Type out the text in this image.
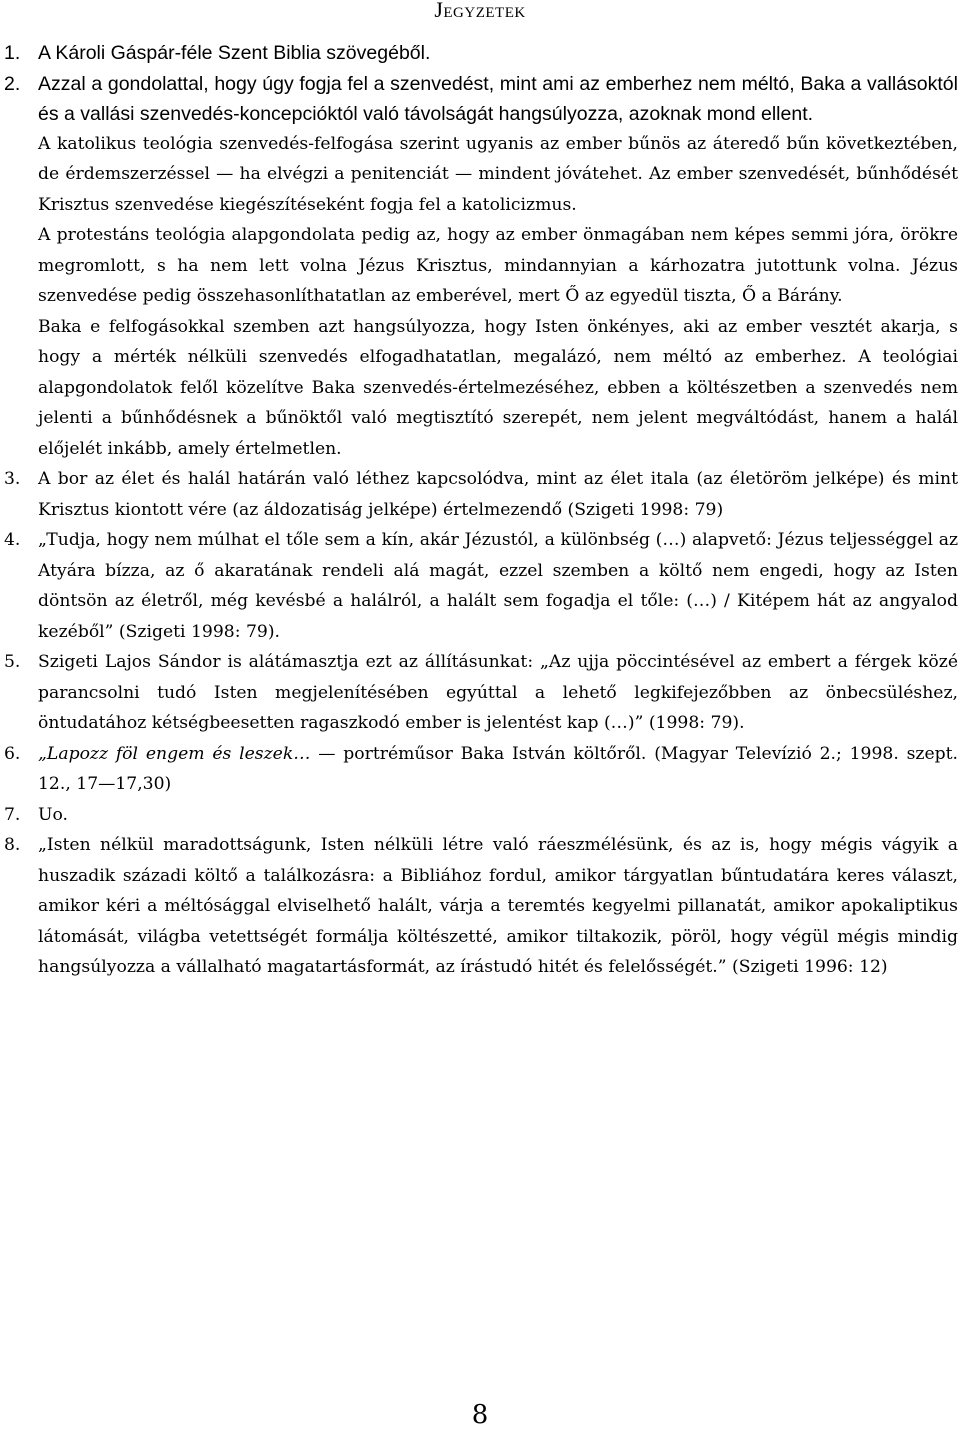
Jegyzetek
1. A Károli Gáspár-féle Szent Biblia szövegéből.

2. Azzal a gondolattal, hogy úgy fogja fel a szenvedést, mint ami az emberhez nem méltó, Baka a vallásoktól és a vallási szenvedés-koncepcióktól való távolságát hangsúlyozza, azoknak mond ellent.

A katolikus teológia szenvedés-felfogása szerint ugyanis az ember bűnös az áteredő bűn következtében, de érdemszerzéssel — ha elvégzi a penitenciát — mindent jóvátehet. Az ember szenvedését, bűnhődését Krisztus szenvedése kiegészítéseként fogja fel a katolicizmus.

A protestáns teológia alapgondolata pedig az, hogy az ember önmagában nem képes semmi jóra, örökre megromlott, s ha nem lett volna Jézus Krisztus, mindannyian a kárhozatra jutottunk volna. Jézus szenvedése pedig összehasonlíthatatlan az emberével, mert Ő az egyedül tiszta, Ő a Bárány.

Baka e felfogásokkal szemben azt hangsúlyozza, hogy Isten önkényes, aki az ember vesztét akarja, s hogy a mérték nélküli szenvedés elfogadhatatlan, megalázó, nem méltó az emberhez. A teológiai alapgondolatok felől közelítve Baka szenvedés-értelmezéséhez, ebben a költészetben a szenvedés nem jelenti a bűnhődésnek a bűnöktől való megtisztító szerepét, nem jelent megváltódást, hanem a halál előjelét inkább, amely értelmetlen.

3.	A bor az élet és halál határán való léthez kapcsolódva, mint az élet itala (az életöröm jelképe) és mint Krisztus kiontott vére (az áldozatiság jelképe) értelmezendő (Szigeti 1998: 79)

4.	„Tudja, hogy nem múlhat el tőle sem a kín, akár Jézustól, a különbség (…) alapvető: Jézus teljességgel az Atyára bízza, az ő akaratának rendeli alá magát, ezzel szemben a költő nem engedi, hogy az Isten döntsön az életről, még kevésbé a halálról, a halált sem fogadja el tőle: (…) / Kitépem hát az angyalod kezéből” (Szigeti 1998: 79).

5.	Szigeti Lajos Sándor is alátámasztja ezt az állításunkat: „Az ujja pöccintésével az embert a férgek közé parancsolni tudó Isten megjelenítésében egyúttal a lehető legkifejezőbben az önbecsüléshez, öntudatához kétségbeesetten ragaszkodó ember is jelentést kap (…)” (1998: 79).

6.	„Lapozz föl engem és leszek… — portréműsor Baka István költőről. (Magyar Televízió 2.; 1998. szept. 12., 17—17,30)

7.	Uo.

8.	„Isten nélkül maradottságunk, Isten nélküli létre való ráeszmélésünk, és az is, hogy mégis vágyik a huszadik századi költő a találkozásra: a Bibliához fordul, amikor tárgyatlan bűntudatára keres választ, amikor kéri a méltósággal elviselhető halált, várja a teremtés kegyelmi pillanatát, amikor apokaliptikus látomását, világba vetettségét formálja költészetté, amikor tiltakozik, pöröl, hogy végül mégis mindig hangsúlyozza a vállalható magatartásformát, az írástudó hitét és felelősségét.” (Szigeti 1996: 12)

8
